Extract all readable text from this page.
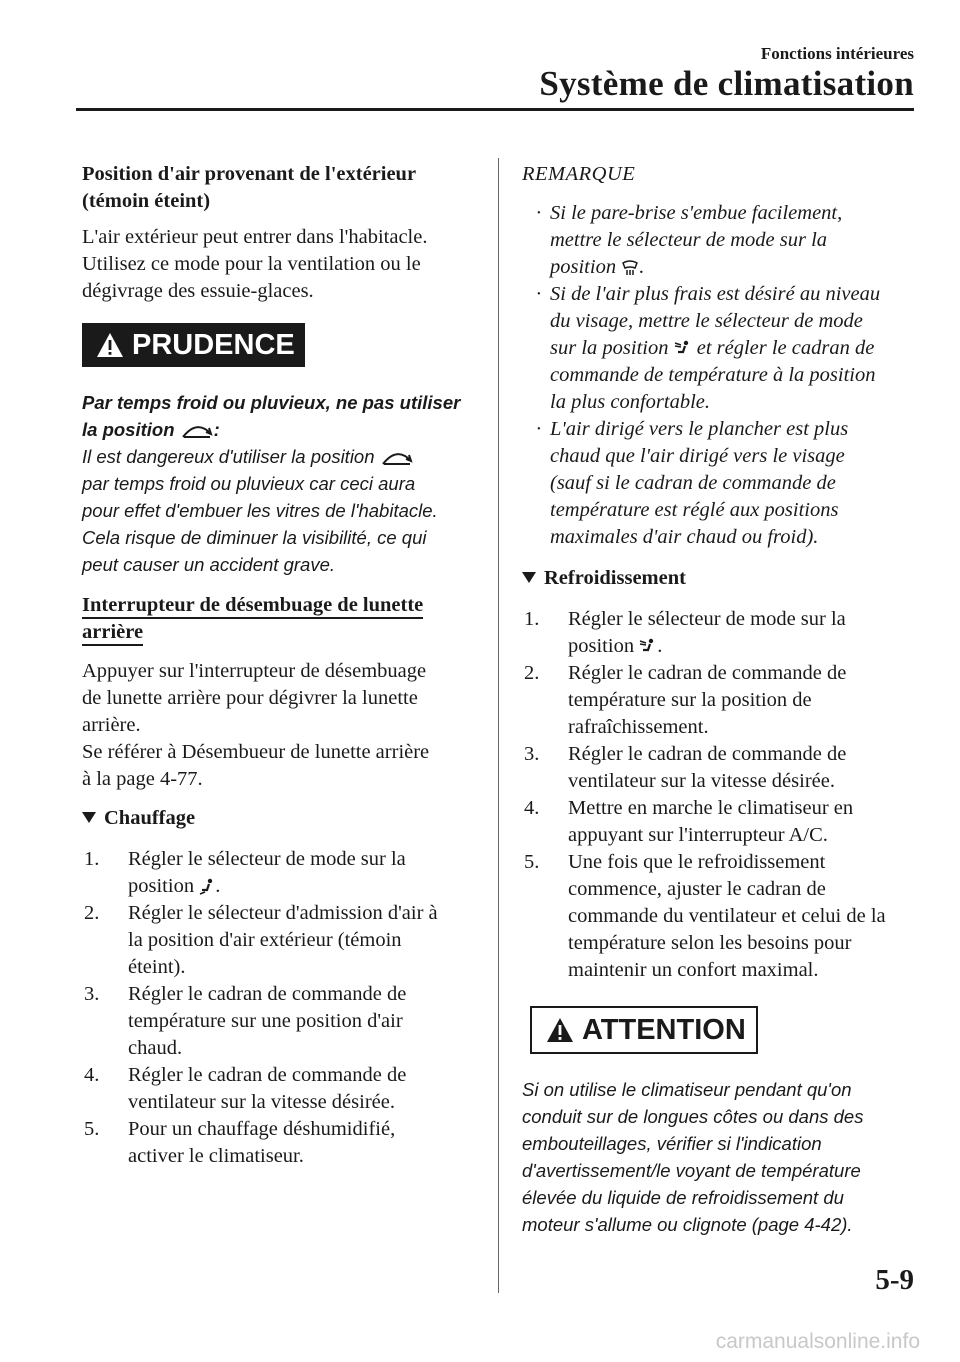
Fonctions intérieures
Système de climatisation

Position d'air provenant de l'extérieur

(témoin éteint)

L'air extérieur peut entrer dans l'habitacle.

Utilisez ce mode pour la ventilation ou le

dégivrage des essuie-glaces.

PRUDENCE
Par temps froid ou pluvieux, ne pas utiliser
la position :
Il est dangereux d'utiliser la position
par temps froid ou pluvieux car ceci aura
pour effet d'embuer les vitres de l'habitacle.
Cela risque de diminuer la visibilité, ce qui
peut causer un accident grave.

Interrupteur de désembuage de lunette

arrière

Appuyer sur l'interrupteur de désembuage

de lunette arrière pour dégivrer la lunette

arrière.

Se référer à Désembueur de lunette arrière

à la page 4-77.

Chauffage

1. Régler le sélecteur de mode sur la
position .
2. Régler le sélecteur d'admission d'air à
la position d'air extérieur (témoin
éteint).
3. Régler le cadran de commande de
température sur une position d'air
chaud.
4. Régler le cadran de commande de
ventilateur sur la vitesse désirée.
5. Pour un chauffage déshumidifié,
activer le climatiseur.

REMARQUE

· Si le pare-brise s'embue facilement,
mettre le sélecteur de mode sur la
position .
· Si de l'air plus frais est désiré au niveau
du visage, mettre le sélecteur de mode
sur la position et régler le cadran de
commande de température à la position
la plus confortable.
· L'air dirigé vers le plancher est plus
chaud que l'air dirigé vers le visage
(sauf si le cadran de commande de
température est réglé aux positions
maximales d'air chaud ou froid).

Refroidissement

1. Régler le sélecteur de mode sur la
position .
2. Régler le cadran de commande de
température sur la position de
rafraîchissement.
3. Régler le cadran de commande de
ventilateur sur la vitesse désirée.
4. Mettre en marche le climatiseur en
appuyant sur l'interrupteur A/C.
5. Une fois que le refroidissement
commence, ajuster le cadran de
commande du ventilateur et celui de la
température selon les besoins pour
maintenir un confort maximal.
ATTENTION
Si on utilise le climatiseur pendant qu'on
conduit sur de longues côtes ou dans des
embouteillages, vérifier si l'indication
d'avertissement/le voyant de température
élevée du liquide de refroidissement du
moteur s'allume ou clignote (page 4-42).
5-9
carmanualsonline.info
